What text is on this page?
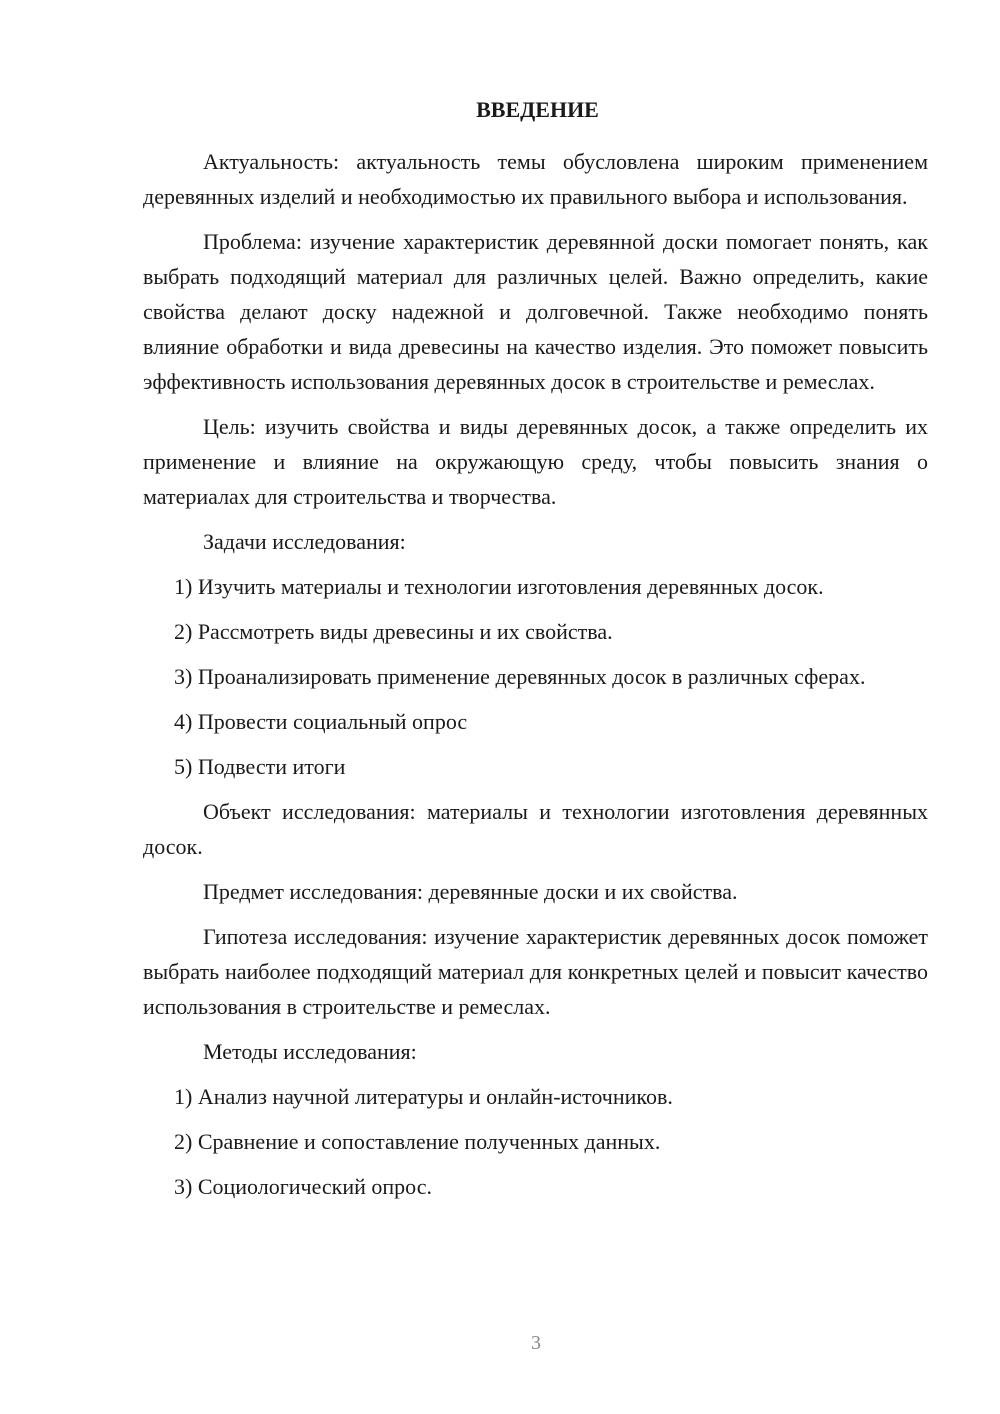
ВВЕДЕНИЕ

Актуальность: актуальность темы обусловлена широким применением деревянных изделий и необходимостью их правильного выбора и использования.

Проблема: изучение характеристик деревянной доски помогает понять, как выбрать подходящий материал для различных целей. Важно определить, какие свойства делают доску надежной и долговечной. Также необходимо понять влияние обработки и вида древесины на качество изделия. Это поможет повысить эффективность использования деревянных досок в строительстве и ремеслах.

Цель: изучить свойства и виды деревянных досок, а также определить их применение и влияние на окружающую среду, чтобы повысить знания о материалах для строительства и творчества.

Задачи исследования:

1) Изучить материалы и технологии изготовления деревянных досок.

2) Рассмотреть виды древесины и их свойства.

3) Проанализировать применение деревянных досок в различных сферах.

4) Провести социальный опрос

5) Подвести итоги

Объект исследования: материалы и технологии изготовления деревянных досок.

Предмет исследования: деревянные доски и их свойства.

Гипотеза исследования: изучение характеристик деревянных досок поможет выбрать наиболее подходящий материал для конкретных целей и повысит качество использования в строительстве и ремеслах.

Методы исследования:

1) Анализ научной литературы и онлайн-источников.

2) Сравнение и сопоставление полученных данных.

3) Социологический опрос.

3
